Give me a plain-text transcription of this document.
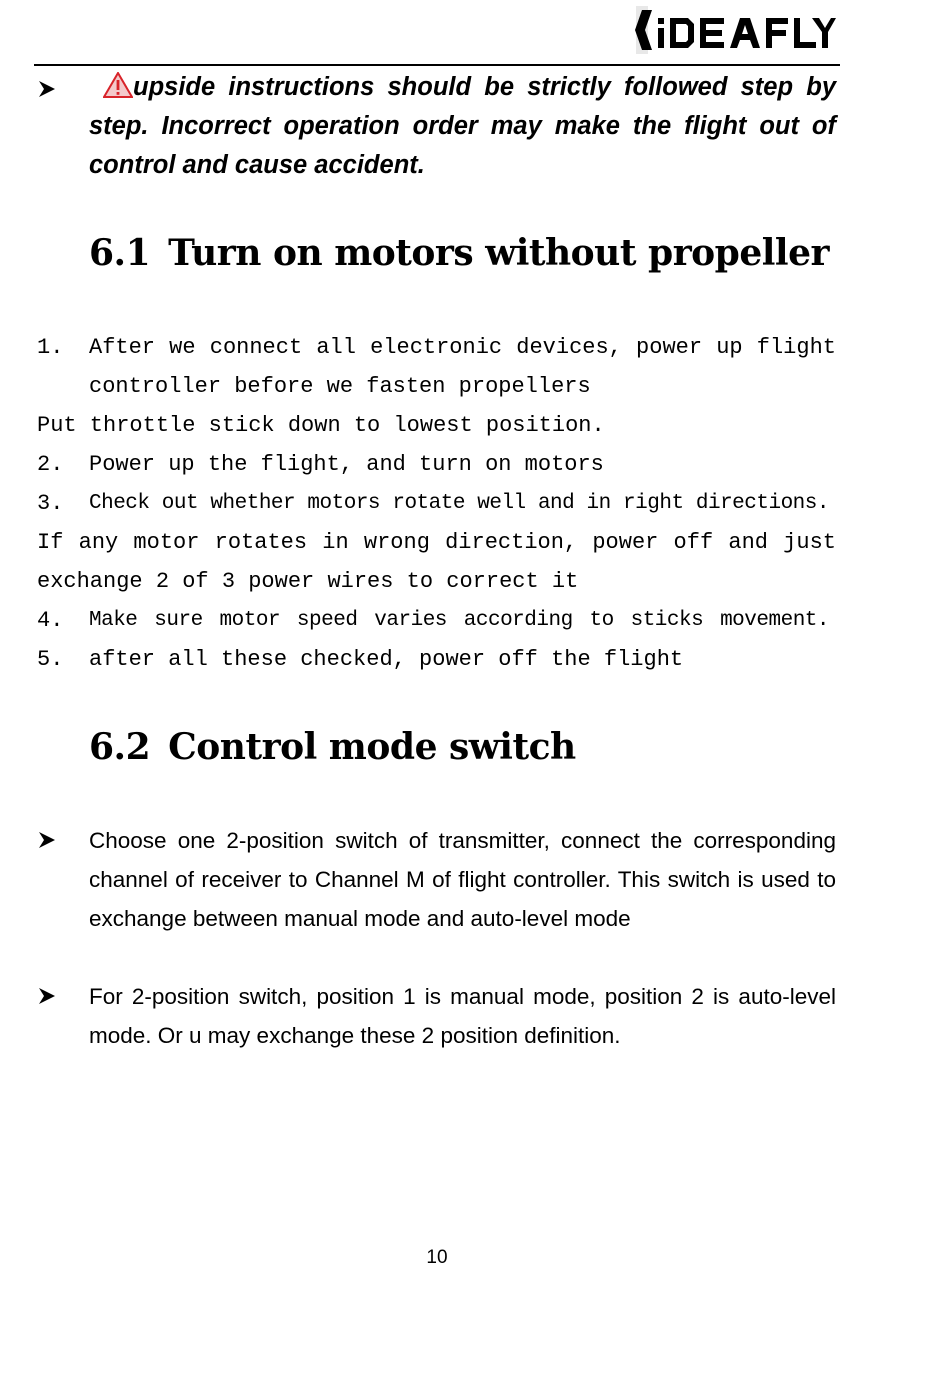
upside instructions should be strictly followed step by step. Incorrect operation order may make the flight out of control and cause accident.
6.1 Turn on motors without propeller
1. After we connect all electronic devices, power up flight
controller before we fasten propellers
Put throttle stick down to lowest position.
2. Power up the flight, and turn on motors
3. Check out whether motors rotate well and in right directions.
If any motor rotates in wrong direction, power off and just
exchange 2 of 3 power wires to correct it
4. Make sure motor speed varies according to sticks movement.
5. after all these checked, power off the flight
6.2 Control mode switch
Choose one 2-position switch of transmitter, connect the corresponding channel of receiver to Channel M of flight controller. This switch is used to exchange between manual mode and auto-level mode
For 2-position switch, position 1 is manual mode, position 2 is auto-level mode. Or u may exchange these 2 position definition.
10
